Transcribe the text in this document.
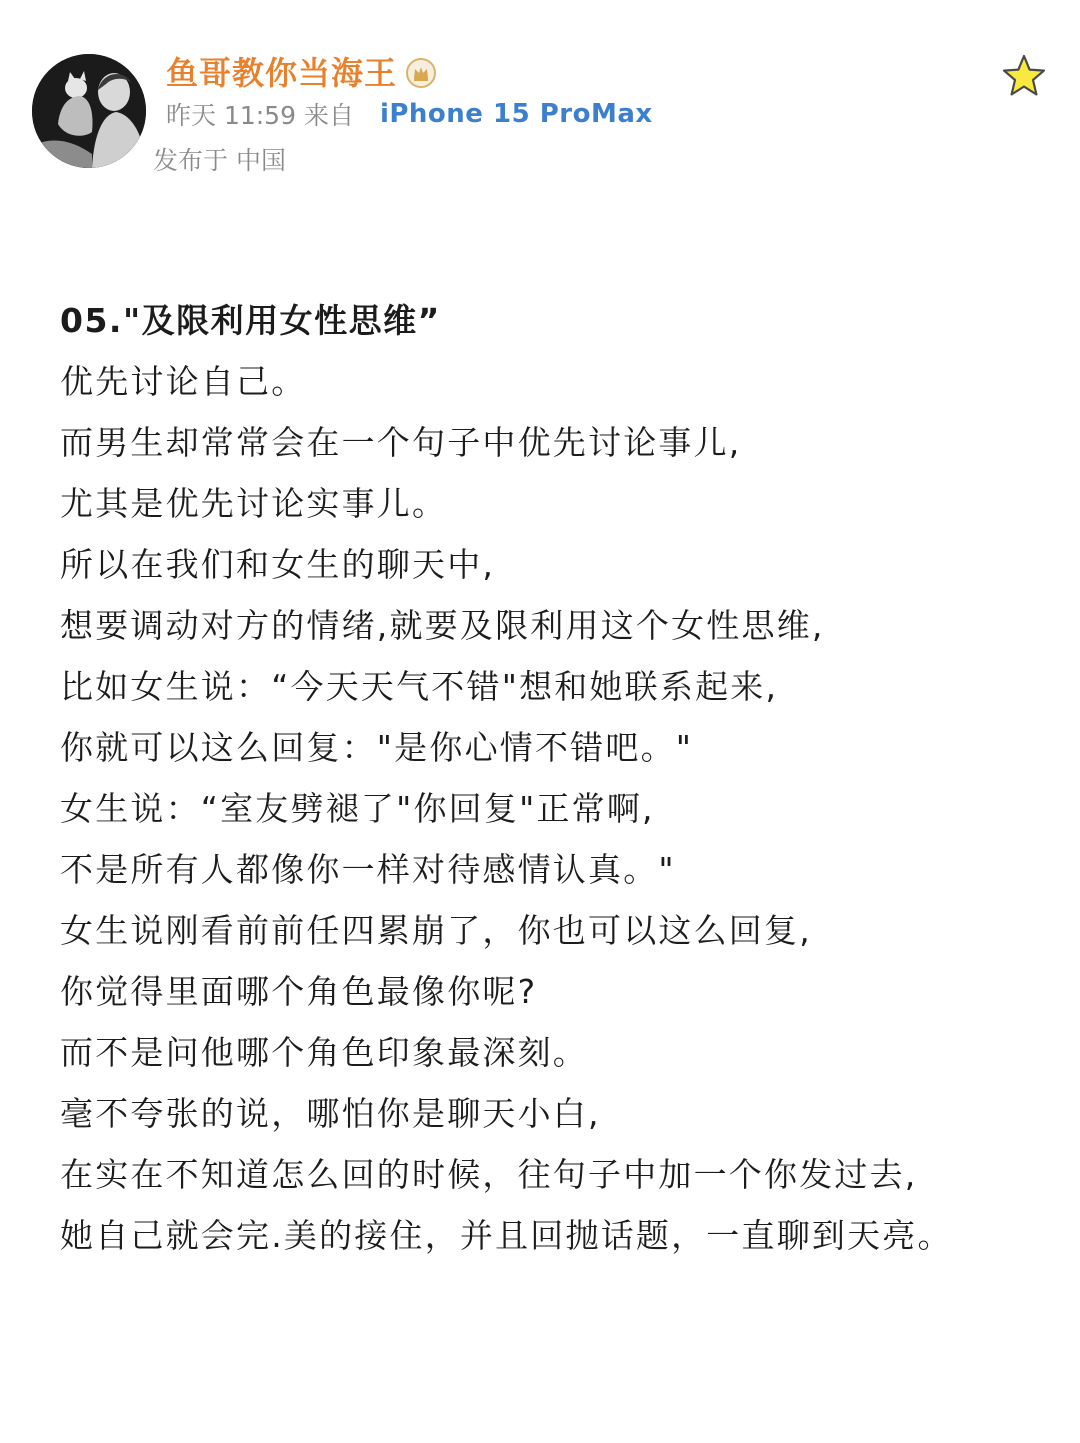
鱼哥教你当海王
昨天 11:59 来自 iPhone 15 ProMax
发布于 中国
05."及限利用女性思维”
优先讨论自己。
而男生却常常会在一个句子中优先讨论事儿,
尤其是优先讨论实事儿。
所以在我们和女生的聊天中,
想要调动对方的情绪,就要及限利用这个女性思维,
比如女生说：“今天天气不错"想和她联系起来,
你就可以这么回复："是你心情不错吧。"
女生说：“室友劈褪了"你回复"正常啊,
不是所有人都像你一样对待感情认真。"
女生说刚看前前任四累崩了，你也可以这么回复,
你觉得里面哪个角色最像你呢?
而不是问他哪个角色印象最深刻。
毫不夸张的说，哪怕你是聊天小白,
在实在不知道怎么回的时候，往句子中加一个你发过去,
她自己就会完.美的接住，并且回抛话题，一直聊到天亮。
